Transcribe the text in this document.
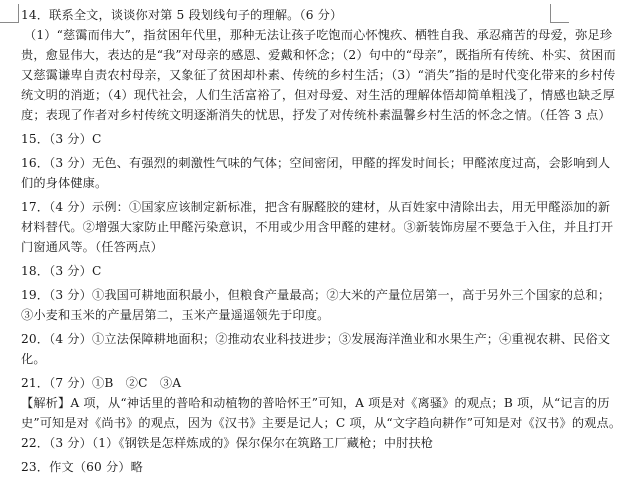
14．联系全文，谈谈你对第 5 段划线句子的理解。（6 分）
（1）“慈霭而伟大”，指贫困年代里，那种无法让孩子吃饱而心怀愧疚、栖牲自我、承忍痛苦的母爱，弥足珍
贵，愈显伟大，表达的是“我”对母亲的感恩、爱戴和怀念；（2）句中的“母亲”，既指所有传统、朴实、贫困而
又慈霭谦卑自责农村母亲，又象征了贫困却朴素、传统的乡村生活；（3）“消失”指的是时代变化带来的乡村传
统文明的消逝；（4）现代社会，人们生活富裕了，但对母爱、对生活的理解体悟却简单粗浅了，情感也缺乏厚
度；表现了作者对乡村传统文明逐渐消失的忧思，抒发了对传统朴素温馨乡村生活的怀念之情。（任答 3 点）
15．（3 分）C
16．（3 分）无色、有强烈的刺激性气味的气体；空间密闭，甲醛的挥发时间长；甲醛浓度过高，会影响到人
们的身体健康。
17．（4 分）示例：①国家应该制定新标准，把含有脲醛胶的建材，从百姓家中清除出去，用无甲醛添加的新
材料替代。②增强大家防止甲醛污染意识，不用或少用含甲醛的建材。③新装饰房屋不要急于入住，并且打开
门窗通风等。（任答两点）
18．（3 分）C
19．（3 分）①我国可耕地面积最小，但粮食产量最高；②大米的产量位居第一，高于另外三个国家的总和；
③小麦和玉米的产量居第二，玉米产量遥遥领先于印度。
20．（4 分）①立法保障耕地面积；②推动农业科技进步；③发展海洋渔业和水果生产；④重视农耕、民俗文
化。
21．（7 分）①B　②C　③A
【解析】A 项，从“神话里的普哈和动植物的普哈怀王”可知，A 项是对《离骚》的观点；B 项，从“记言的历
史”可知是对《尚书》的观点，因为《汉书》主要是记人；C 项，从“文字趋向耕作”可知是对《汉书》的观点。
22．（3 分）（1）《钢铁是怎样炼成的》保尔保尔在筑路工厂藏枪；中肘扶枪
23．作文（60 分）略
